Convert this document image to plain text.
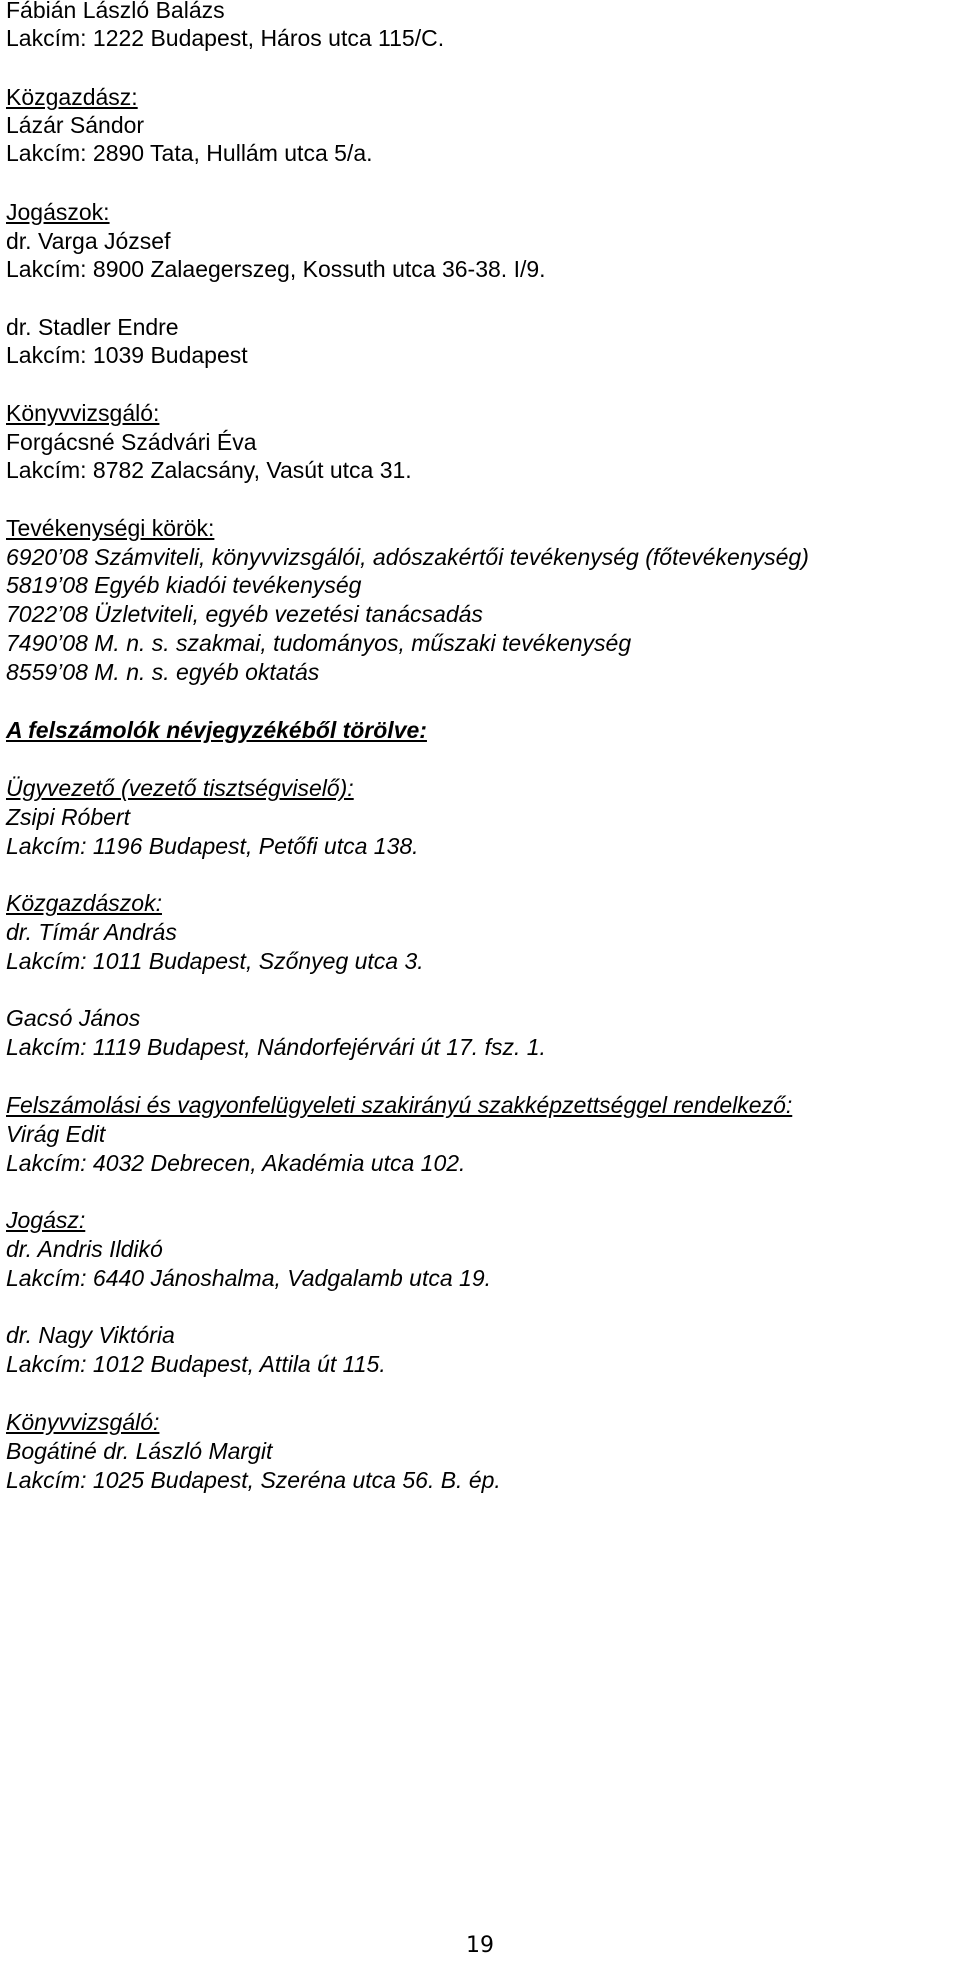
Fábián László Balázs

Lakcím: 1222 Budapest, Háros utca 115/C.

Közgazdász:

Lázár Sándor

Lakcím: 2890 Tata, Hullám utca 5/a.

Jogászok:

dr. Varga József

Lakcím: 8900 Zalaegerszeg, Kossuth utca 36-38. I/9.

dr. Stadler Endre

Lakcím: 1039 Budapest

Könyvvizsgáló:

Forgácsné Szádvári Éva

Lakcím: 8782 Zalacsány, Vasút utca 31.

Tevékenységi körök:

6920’08 Számviteli, könyvvizsgálói, adószakértői tevékenység (főtevékenység)

5819’08 Egyéb kiadói tevékenység

7022’08 Üzletviteli, egyéb vezetési tanácsadás

7490’08 M. n. s. szakmai, tudományos, műszaki tevékenység

8559’08 M. n. s. egyéb oktatás

A felszámolók névjegyzékéből törölve:

Ügyvezető (vezető tisztségviselő):

Zsipi Róbert

Lakcím: 1196 Budapest, Petőfi utca 138.

Közgazdászok:

dr. Tímár András

Lakcím: 1011 Budapest, Szőnyeg utca 3.

Gacsó János

Lakcím: 1119 Budapest, Nándorfejérvári út 17. fsz. 1.

Felszámolási és vagyonfelügyeleti szakirányú szakképzettséggel rendelkező:

Virág Edit

Lakcím: 4032 Debrecen, Akadémia utca 102.

Jogász:

dr. Andris Ildikó

Lakcím: 6440 Jánoshalma, Vadgalamb utca 19.

dr. Nagy Viktória

Lakcím: 1012 Budapest, Attila út 115.

Könyvvizsgáló:

Bogátiné dr. László Margit

Lakcím: 1025 Budapest, Szeréna utca 56. B. ép.

19
